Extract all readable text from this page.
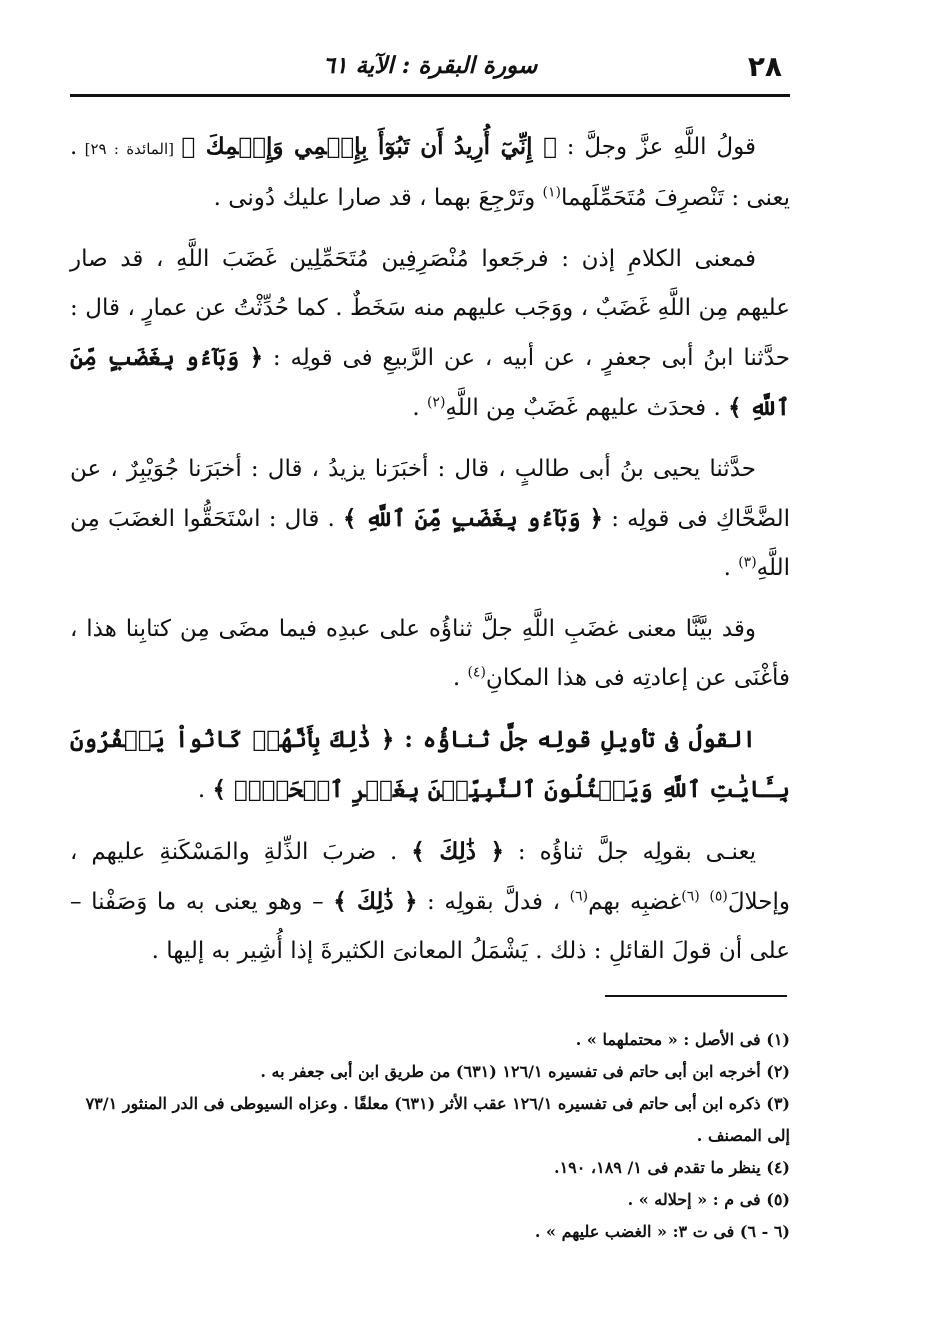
٢٨
سورة البقرة : الآية ٦١

قولُ اللَّهِ عزَّ وجلَّ : ﴿ إِنِّيٓ أُرِيدُ أَن تَبُوٓأَ بِإِثۡمِي وَإِثۡمِكَ ﴾ [المائدة : ٢٩] . يعنى : تَنْصرِفَ مُتَحَمِّلَهما$^{(١)}$ وتَرْجِعَ بهما ، قد صارا عليك دُونى .

فمعنى الكلامِ إذن : فرجَعوا مُنْصَرِفِين مُتَحَمِّلِين غَضَبَ اللَّهِ ، قد صار عليهم مِن اللَّهِ غَضَبٌ ، ووَجَب عليهم منه سَخَطٌ . كما حُدِّثْتُ عن عمارٍ ، قال : حدَّثنا ابنُ أبى جعفرٍ ، عن أبيه ، عن الرَّبيعِ فى قولِه : ﴿ وَبَآءُو بِغَضَبٍ مِّنَ ٱللَّهِ ﴾ . فحدَث عليهم غَضَبٌ مِن اللَّهِ$^{(٢)}$ .

حدَّثنا يحيى بنُ أبى طالبٍ ، قال : أخبَرَنا يزيدُ ، قال : أخبَرَنا جُوَيْبِرٌ ، عن الضَّحَّاكِ فى قولِه : ﴿ وَبَآءُو بِغَضَبٍ مِّنَ ٱللَّهِ ﴾ . قال : اسْتَحَقُّوا الغضَبَ مِن اللَّهِ$^{(٣)}$ .

وقد بيَّنَّا معنى غضَبِ اللَّهِ جلَّ ثناؤُه على عبدِه فيما مضَى مِن كتابِنا هذا ، فأغْنَى عن إعادتِه فى هذا المكانِ$^{(٤)}$ .

القولُ فى تأويلِ قولِه جلَّ ثناؤُه : ﴿ ذَٰلِكَ بِأَنَّهُمۡ كَانُواْ يَكۡفُرُونَ بِـَٔايَٰتِ ٱللَّهِ وَيَقۡتُلُونَ ٱلنَّبِيِّـۧنَ بِغَيۡرِ ٱلۡحَقِّۗ ﴾ .

يعنـى بقولِه جلَّ ثناؤُه : ﴿ ذَٰلِكَ ﴾ . ضربَ الذِّلةِ والمَسْكَنةِ عليهم ، وإحلالَ$^{(٥)}$ $^{(٦)}$غضبِه بهم$^{(٦)}$ ، فدلَّ بقولِه : ﴿ ذَٰلِكَ ﴾ – وهو يعنى به ما وَصَفْنا – على أن قولَ القائلِ : ذلك . يَشْمَلُ المعانىَ الكثيرةَ إذا أُشِير به إليها .

(١) فى الأصل : « محتملهما » .
(٢) أخرجه ابن أبى حاتم فى تفسيره ١٢٦/١ (٦٣١) من طريق ابن أبى جعفر به .
(٣) ذكره ابن أبى حاتم فى تفسيره ١٢٦/١ عقب الأثر (٦٣١) معلقًا . وعزاه السيوطى فى الدر المنثور ٧٣/١ إلى المصنف .
(٤) ينظر ما تقدم فى ١/ ١٨٩، ١٩٠.
(٥) فى م : « إحلاله » .
(٦ - ٦) فى ت ٣: « الغضب عليهم » .
